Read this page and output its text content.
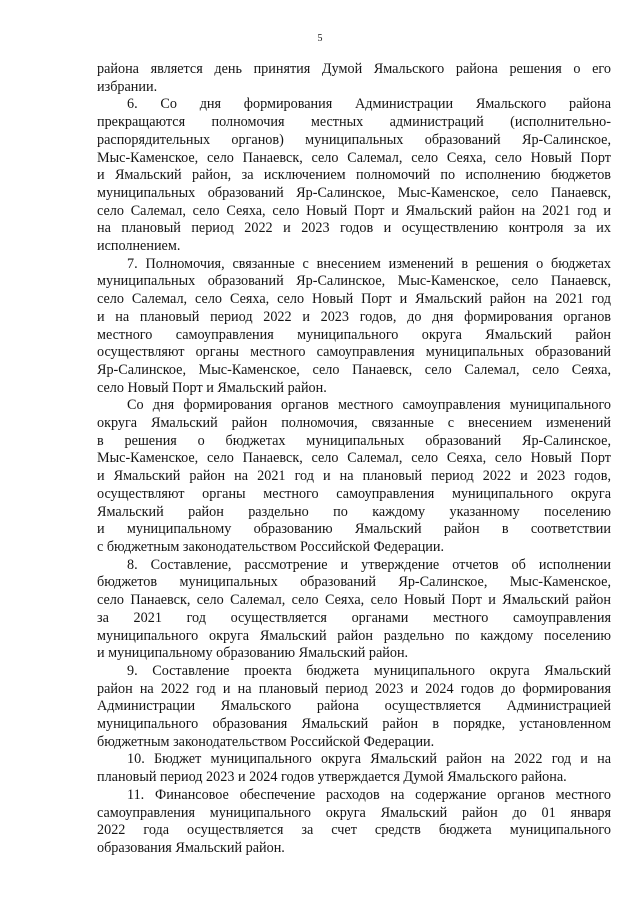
5
района является день принятия Думой Ямальского района решения о его
избрании.
6. Со дня формирования Администрации Ямальского района
прекращаются полномочия местных администраций (исполнительно-
распорядительных органов) муниципальных образований Яр-Салинское,
Мыс-Каменское, село Панаевск, село Салемал, село Сеяха, село Новый Порт
и Ямальский район, за исключением полномочий по исполнению бюджетов
муниципальных образований Яр-Салинское, Мыс-Каменское, село Панаевск,
село Салемал, село Сеяха, село Новый Порт и Ямальский район на 2021 год и
на плановый период 2022 и 2023 годов и осуществлению контроля за их
исполнением.
7. Полномочия, связанные с внесением изменений в решения о бюджетах
муниципальных образований Яр-Салинское, Мыс-Каменское, село Панаевск,
село Салемал, село Сеяха, село Новый Порт и Ямальский район на 2021 год
и на плановый период 2022 и 2023 годов, до дня формирования органов
местного самоуправления муниципального округа Ямальский район
осуществляют органы местного самоуправления муниципальных образований
Яр-Салинское, Мыс-Каменское, село Панаевск, село Салемал, село Сеяха,
село Новый Порт и Ямальский район.
Со дня формирования органов местного самоуправления муниципального
округа Ямальский район полномочия, связанные с внесением изменений
в решения о бюджетах муниципальных образований Яр-Салинское,
Мыс-Каменское, село Панаевск, село Салемал, село Сеяха, село Новый Порт
и Ямальский район на 2021 год и на плановый период 2022 и 2023 годов,
осуществляют органы местного самоуправления муниципального округа
Ямальский район раздельно по каждому указанному поселению
и муниципальному образованию Ямальский район в соответствии
с бюджетным законодательством Российской Федерации.
8. Составление, рассмотрение и утверждение отчетов об исполнении
бюджетов муниципальных образований Яр-Салинское, Мыс-Каменское,
село Панаевск, село Салемал, село Сеяха, село Новый Порт и Ямальский район
за 2021 год осуществляется органами местного самоуправления
муниципального округа Ямальский район раздельно по каждому поселению
и муниципальному образованию Ямальский район.
9. Составление проекта бюджета муниципального округа Ямальский
район на 2022 год и на плановый период 2023 и 2024 годов до формирования
Администрации Ямальского района осуществляется Администрацией
муниципального образования Ямальский район в порядке, установленном
бюджетным законодательством Российской Федерации.
10. Бюджет муниципального округа Ямальский район на 2022 год и на
плановый период 2023 и 2024 годов утверждается Думой Ямальского района.
11. Финансовое обеспечение расходов на содержание органов местного
самоуправления муниципального округа Ямальский район до 01 января
2022 года осуществляется за счет средств бюджета муниципального
образования Ямальский район.
